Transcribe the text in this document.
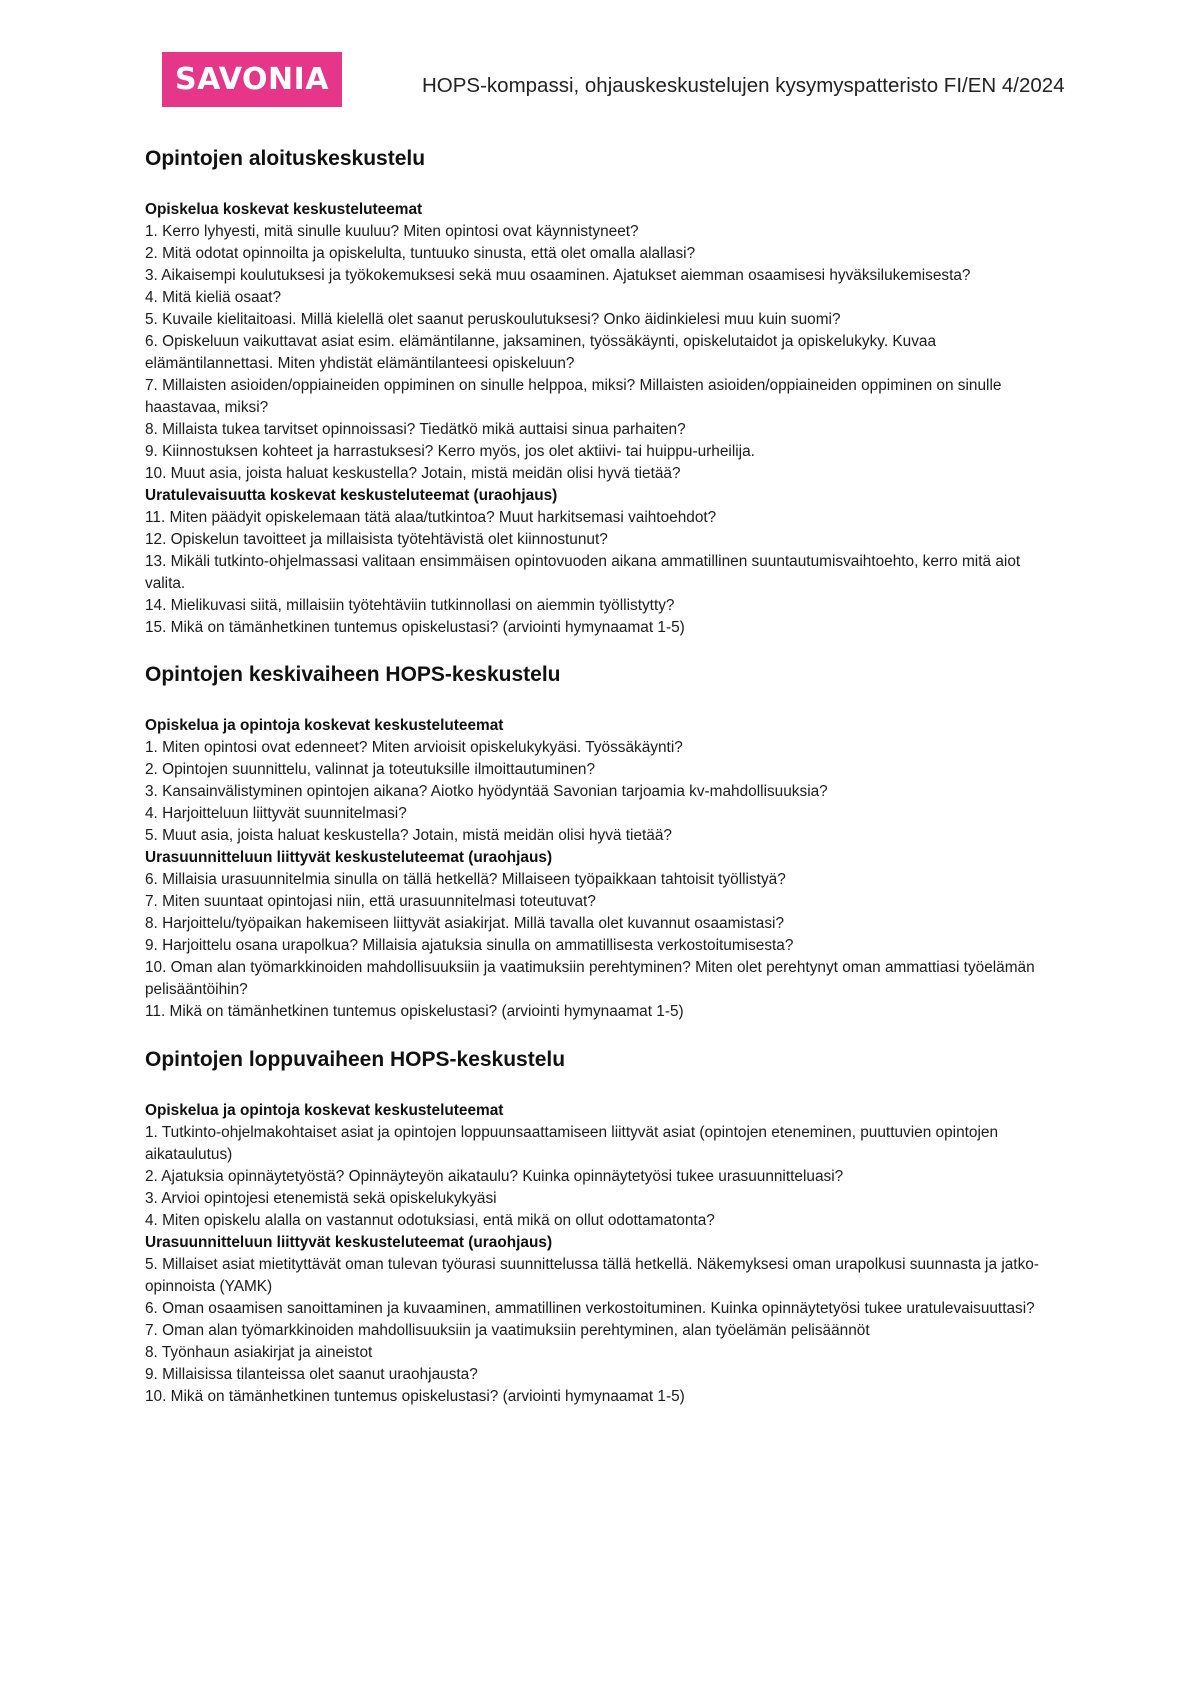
SAVONIA	HOPS-kompassi, ohjauskeskustelujen kysymyspatteristo FI/EN 4/2024
Opintojen aloituskeskustelu

Opiskelua koskevat keskusteluteemat

1. Kerro lyhyesti, mitä sinulle kuuluu? Miten opintosi ovat käynnistyneet?

2. Mitä odotat opinnoilta ja opiskelulta, tuntuuko sinusta, että olet omalla alallasi?

3. Aikaisempi koulutuksesi ja työkokemuksesi sekä muu osaaminen. Ajatukset aiemman osaamisesi hyväksilukemisesta?

4. Mitä kieliä osaat?

5. Kuvaile kielitaitoasi. Millä kielellä olet saanut peruskoulutuksesi? Onko äidinkielesi muu kuin suomi?

6. Opiskeluun vaikuttavat asiat esim. elämäntilanne, jaksaminen, työssäkäynti, opiskelutaidot ja opiskelukyky. Kuvaa elämäntilannettasi. Miten yhdistät elämäntilanteesi opiskeluun?

7. Millaisten asioiden/oppiaineiden oppiminen on sinulle helppoa, miksi? Millaisten asioiden/oppiaineiden oppiminen on sinulle haastavaa, miksi?

8. Millaista tukea tarvitset opinnoissasi? Tiedätkö mikä auttaisi sinua parhaiten?

9. Kiinnostuksen kohteet ja harrastuksesi? Kerro myös, jos olet aktiivi- tai huippu-urheilija.

10. Muut asia, joista haluat keskustella? Jotain, mistä meidän olisi hyvä tietää?

Uratulevaisuutta koskevat keskusteluteemat (uraohjaus)

11. Miten päädyit opiskelemaan tätä alaa/tutkintoa? Muut harkitsemasi vaihtoehdot?

12. Opiskelun tavoitteet ja millaisista työtehtävistä olet kiinnostunut?

13. Mikäli tutkinto-ohjelmassasi valitaan ensimmäisen opintovuoden aikana ammatillinen suuntautumisvaihtoehto, kerro mitä aiot valita.

14. Mielikuvasi siitä, millaisiin työtehtäviin tutkinnollasi on aiemmin työllistytty?

15. Mikä on tämänhetkinen tuntemus opiskelustasi? (arviointi hymynaamat 1-5)

Opintojen keskivaiheen HOPS-keskustelu

Opiskelua ja opintoja koskevat keskusteluteemat

1. Miten opintosi ovat edenneet? Miten arvioisit opiskelukykyäsi. Työssäkäynti?

2. Opintojen suunnittelu, valinnat ja toteutuksille ilmoittautuminen?

3. Kansainvälistyminen opintojen aikana? Aiotko hyödyntää Savonian tarjoamia kv-mahdollisuuksia?

4. Harjoitteluun liittyvät suunnitelmasi?

5. Muut asia, joista haluat keskustella? Jotain, mistä meidän olisi hyvä tietää?

Urasuunnitteluun liittyvät keskusteluteemat (uraohjaus)

6. Millaisia urasuunnitelmia sinulla on tällä hetkellä? Millaiseen työpaikkaan tahtoisit työllistyä?

7. Miten suuntaat opintojasi niin, että urasuunnitelmasi toteutuvat?

8. Harjoittelu/työpaikan hakemiseen liittyvät asiakirjat. Millä tavalla olet kuvannut osaamistasi?

9. Harjoittelu osana urapolkua? Millaisia ajatuksia sinulla on ammatillisesta verkostoitumisesta?

10. Oman alan työmarkkinoiden mahdollisuuksiin ja vaatimuksiin perehtyminen? Miten olet perehtynyt oman ammattiasi työelämän pelisääntöihin?

11. Mikä on tämänhetkinen tuntemus opiskelustasi? (arviointi hymynaamat 1-5)

Opintojen loppuvaiheen HOPS-keskustelu

Opiskelua ja opintoja koskevat keskusteluteemat

1. Tutkinto-ohjelmakohtaiset asiat ja opintojen loppuunsaattamiseen liittyvät asiat (opintojen eteneminen, puuttuvien opintojen aikataulutus)

2. Ajatuksia opinnäytetyöstä? Opinnäyteyön aikataulu? Kuinka opinnäytetyösi tukee urasuunnitteluasi?

3. Arvioi opintojesi etenemistä sekä opiskelukykyäsi

4. Miten opiskelu alalla on vastannut odotuksiasi, entä mikä on ollut odottamatonta?

Urasuunnitteluun liittyvät keskusteluteemat (uraohjaus)

5. Millaiset asiat mietityttävät oman tulevan työurasi suunnittelussa tällä hetkellä. Näkemyksesi oman urapolkusi suunnasta ja jatko-opinnoista (YAMK)

6. Oman osaamisen sanoittaminen ja kuvaaminen, ammatillinen verkostoituminen. Kuinka opinnäytetyösi tukee uratulevaisuuttasi?

7. Oman alan työmarkkinoiden mahdollisuuksiin ja vaatimuksiin perehtyminen, alan työelämän pelisäännöt

8. Työnhaun asiakirjat ja aineistot

9. Millaisissa tilanteissa olet saanut uraohjausta?

10. Mikä on tämänhetkinen tuntemus opiskelustasi? (arviointi hymynaamat 1-5)
